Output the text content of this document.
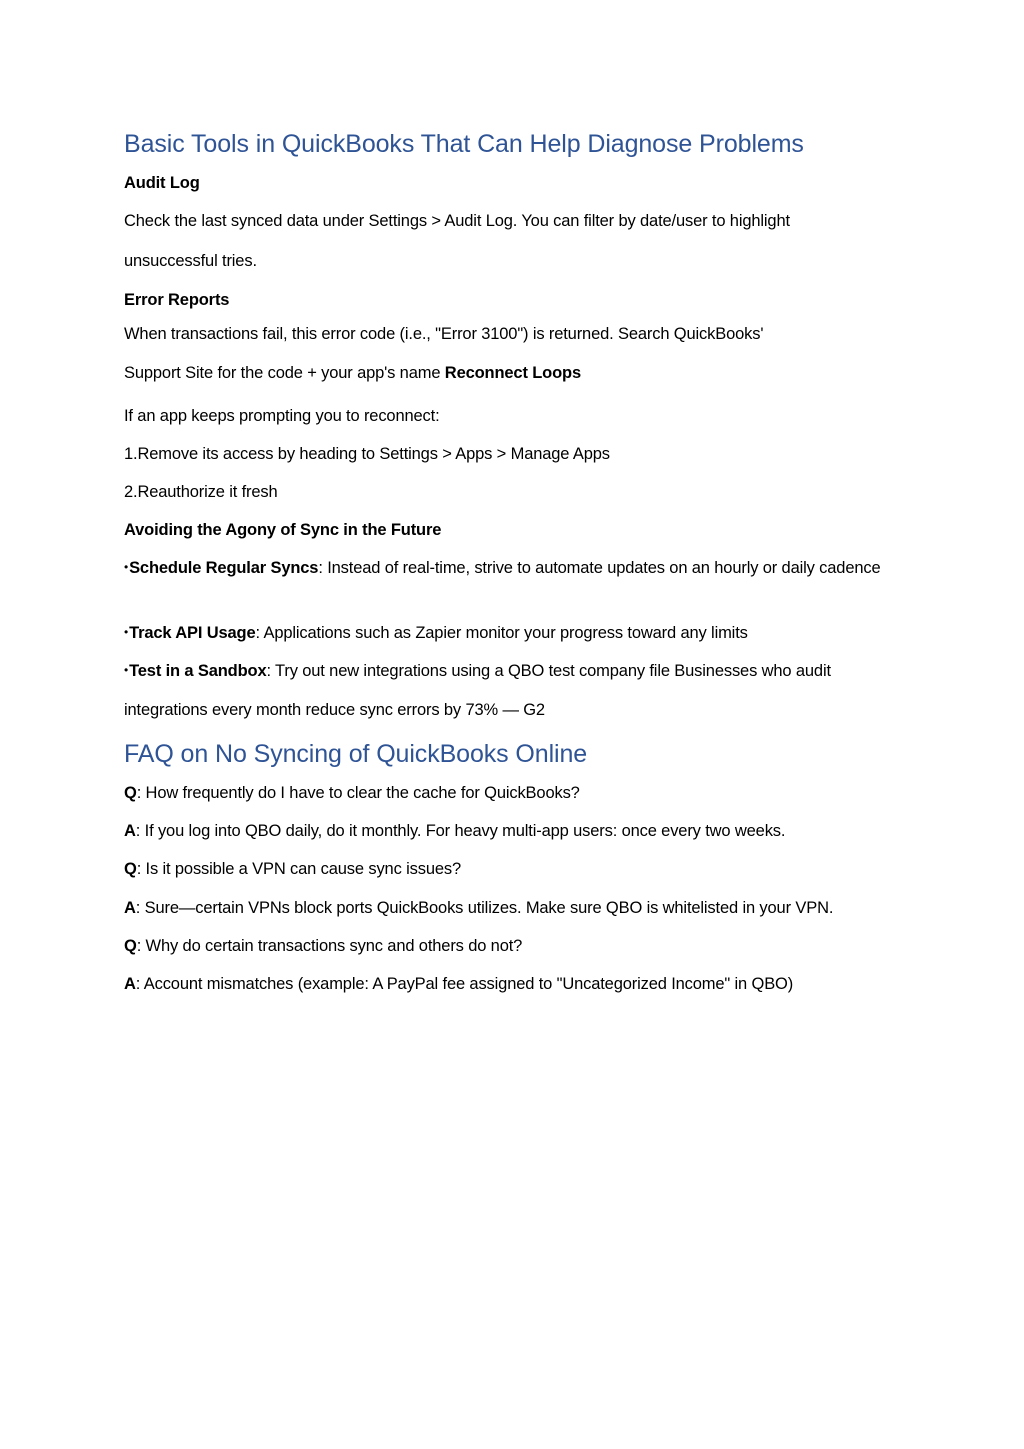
Basic Tools in QuickBooks That Can Help Diagnose Problems

Audit Log

Check the last synced data under Settings > Audit Log. You can filter by date/user to highlight

unsuccessful tries.

Error Reports

When transactions fail, this error code (i.e., "Error 3100") is returned. Search QuickBooks'

Support Site for the code + your app's name Reconnect Loops

If an app keeps prompting you to reconnect:

1.Remove its access by heading to Settings > Apps > Manage Apps

2.Reauthorize it fresh

Avoiding the Agony of Sync in the Future

•Schedule Regular Syncs: Instead of real-time, strive to automate updates on an hourly or daily cadence

•Track API Usage: Applications such as Zapier monitor your progress toward any limits

•Test in a Sandbox: Try out new integrations using a QBO test company file Businesses who audit

integrations every month reduce sync errors by 73% — G2

FAQ on No Syncing of QuickBooks Online

Q: How frequently do I have to clear the cache for QuickBooks?

A: If you log into QBO daily, do it monthly. For heavy multi-app users: once every two weeks.

Q: Is it possible a VPN can cause sync issues?

A: Sure—certain VPNs block ports QuickBooks utilizes. Make sure QBO is whitelisted in your VPN.

Q: Why do certain transactions sync and others do not?

A: Account mismatches (example: A PayPal fee assigned to "Uncategorized Income" in QBO)
